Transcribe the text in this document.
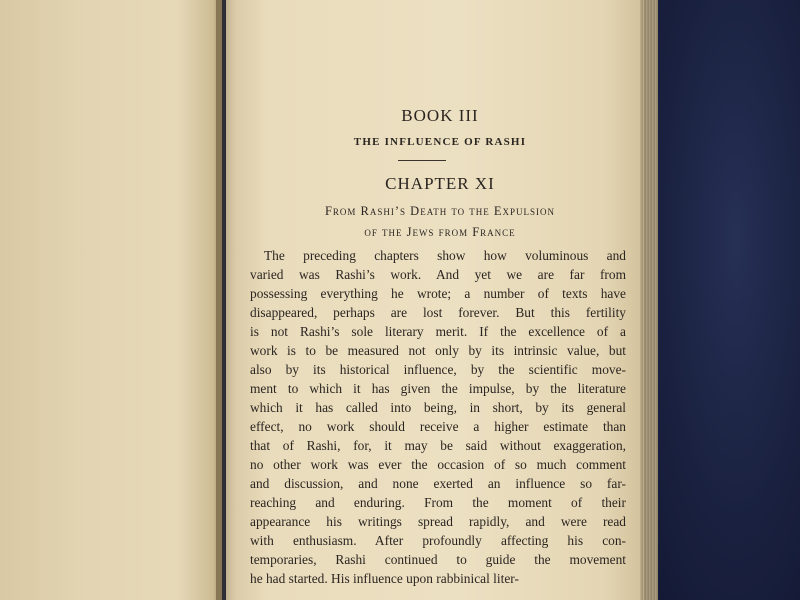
BOOK III
THE INFLUENCE OF RASHI
CHAPTER XI
From Rashi’s Death to the Expulsion
of the Jews from France
The preceding chapters show how voluminous and
varied was Rashi’s work. And yet we are far from
possessing everything he wrote; a number of texts have
disappeared, perhaps are lost forever. But this fertility
is not Rashi’s sole literary merit. If the excellence of a
work is to be measured not only by its intrinsic value, but
also by its historical influence, by the scientific move-
ment to which it has given the impulse, by the literature
which it has called into being, in short, by its general
effect, no work should receive a higher estimate than
that of Rashi, for, it may be said without exaggeration,
no other work was ever the occasion of so much comment
and discussion, and none exerted an influence so far-
reaching and enduring. From the moment of their
appearance his writings spread rapidly, and were read
with enthusiasm. After profoundly affecting his con-
temporaries, Rashi continued to guide the movement
he had started. His influence upon rabbinical liter-
